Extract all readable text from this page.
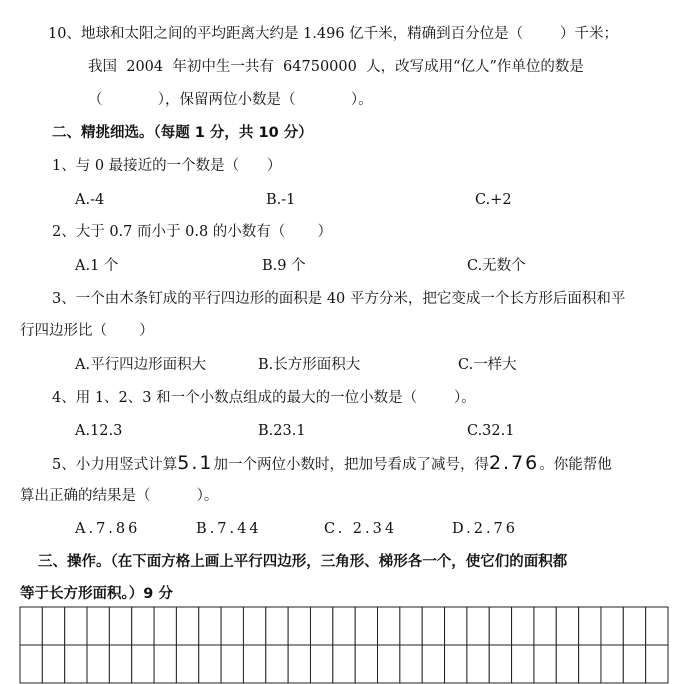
10、地球和太阳之间的平均距离大约是 1.496 亿千米，精确到百分位是（        ）千米；
我国  2004  年初中生一共有  64750000  人，改写成用“亿人”作单位的数是
（            ），保留两位小数是（            ）。
二、精挑细选。（每题 1 分，共 10 分）
1、与 0 最接近的一个数是（      ）
A.-4	B.-1	C.+2
2、大于 0.7 而小于 0.8 的小数有（       ）
A.1 个	B.9 个	C.无数个
3、一个由木条钉成的平行四边形的面积是 40 平方分米，把它变成一个长方形后面积和平
行四边形比（       ）
A.平行四边形面积大	B.长方形面积大	C.一样大
4、用 1、2、3 和一个小数点组成的最大的一位小数是（        ）。
A.12.3	B.23.1	C.32.1
5、小力用竖式计算5.1加一个两位小数时，把加号看成了减号，得2.76。你能帮他
算出正确的结果是（          ）。
A.7.86	B.7.44	C. 2.34	D.2.76
三、操作。（在下面方格上画上平行四边形，三角形、梯形各一个，使它们的面积都
等于长方形面积。）9 分
